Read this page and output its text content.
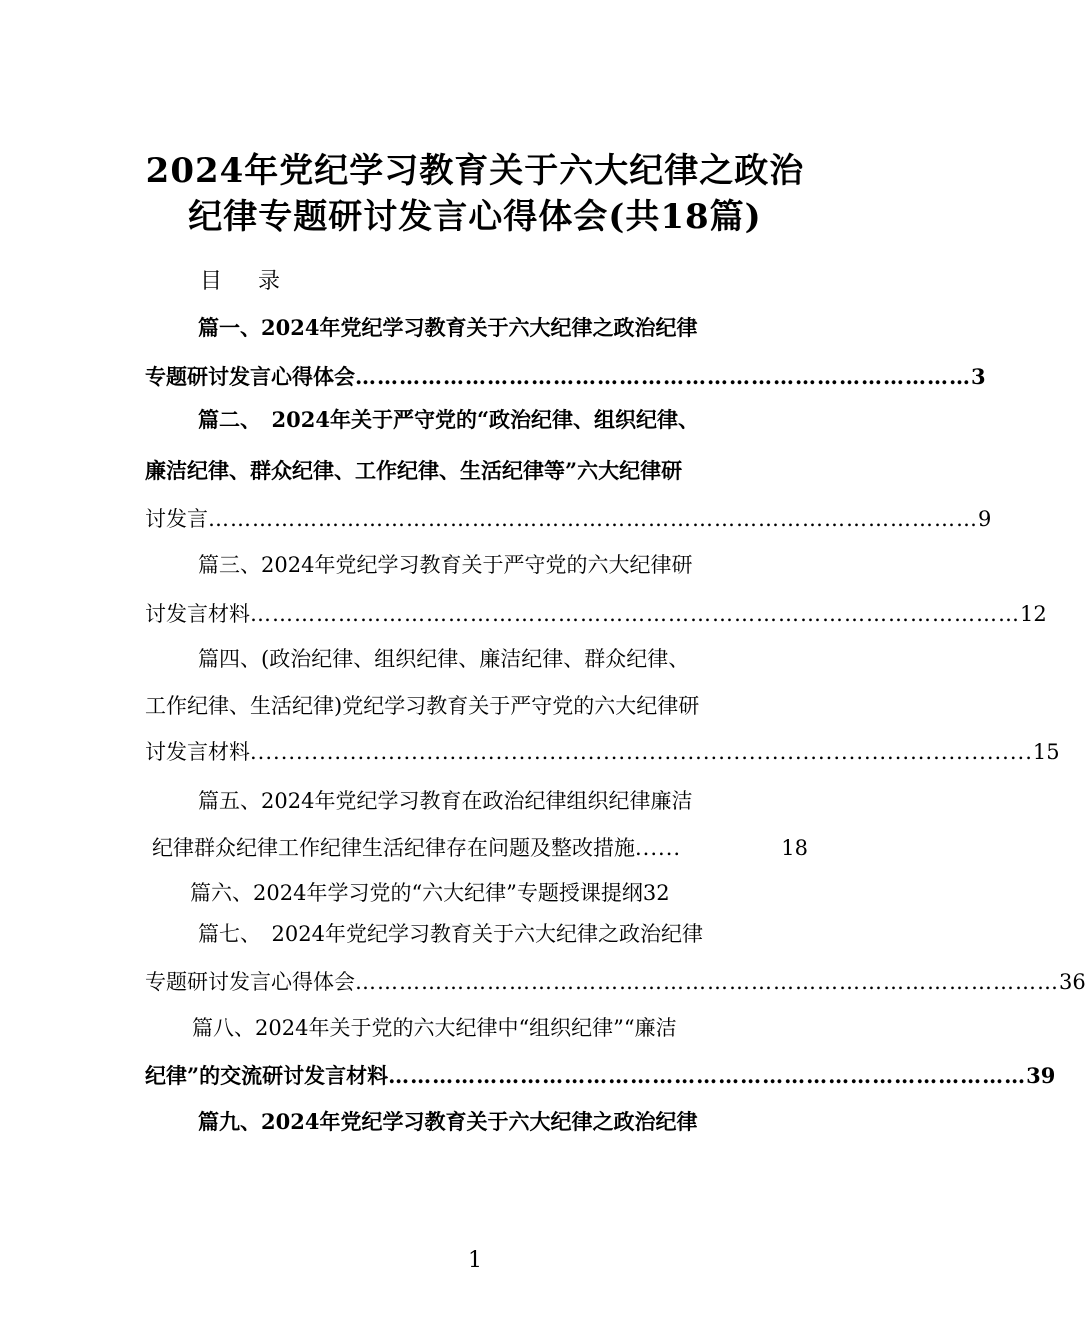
2024年党纪学习教育关于六大纪律之政治
纪律专题研讨发言心得体会(共18篇)
目 录
篇一、2024年党纪学习教育关于六大纪律之政治纪律
专题研讨发言心得体会 ………………………………………………………………………… 3
篇二、　2024年关于严守党的“政治纪律、组织纪律、
廉洁纪律、群众纪律、工作纪律、生活纪律等”六大纪律研
讨发言 …………………………………………………………………………………………… 9
篇三、2024年党纪学习教育关于严守党的六大纪律研
讨发言材料 …………………………………………………………………………………………… 12
篇四、(政治纪律、组织纪律、廉洁纪律、群众纪律、
工作纪律、生活纪律)党纪学习教育关于严守党的六大纪律研
讨发言材料 ...................................................................................................... 15
篇五、2024年党纪学习教育在政治纪律组织纪律廉洁
纪律群众纪律工作纪律生活纪律存在问题及整改措施 ......	18
篇六、2024年学习党的“六大纪律”专题授课提纲32
篇七、　2024年党纪学习教育关于六大纪律之政治纪律
专题研讨发言心得体会 …………………………………………………………………………………… 36
篇八、2024年关于党的六大纪律中“组织纪律”“廉洁
纪律”的交流研讨发言材料 …………………………………………………………………………… 39
篇九、2024年党纪学习教育关于六大纪律之政治纪律
1
